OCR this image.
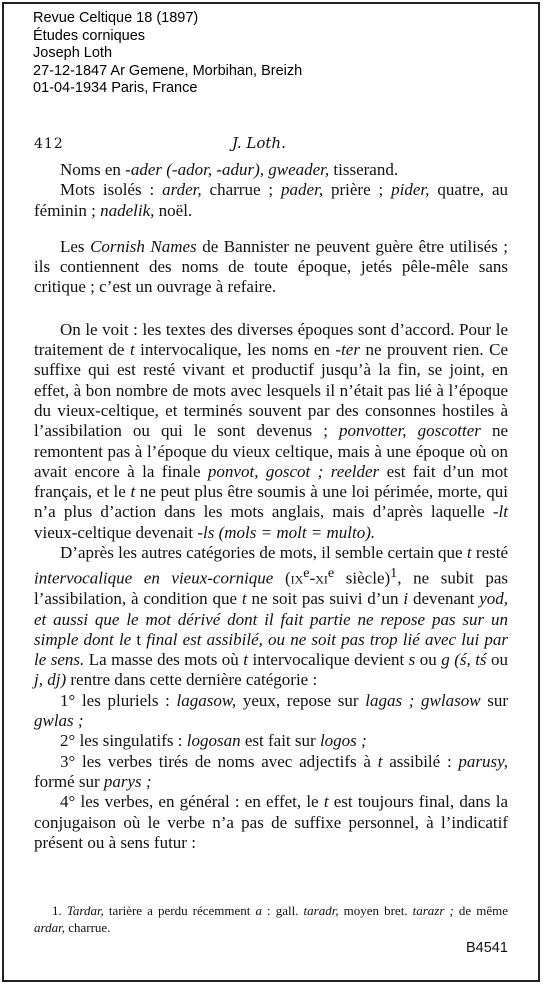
Revue Celtique 18 (1897)
Études corniques
Joseph Loth
27-12-1847 Ar Gemene, Morbihan, Breizh
01-04-1934 Paris, France
412	J. Loth.

Noms en -ader (-ador, -adur), gweader, tisserand.

Mots isolés : arder, charrue ; pader, prière ; pider, quatre, au féminin ; nadelik, noël.

Les Cornish Names de Bannister ne peuvent guère être utilisés ; ils contiennent des noms de toute époque, jetés pêle-mêle sans critique ; c’est un ouvrage à refaire.

On le voit : les textes des diverses époques sont d’accord. Pour le traitement de t intervocalique, les noms en -ter ne prouvent rien. Ce suffixe qui est resté vivant et productif jusqu’à la fin, se joint, en effet, à bon nombre de mots avec lesquels il n’était pas lié à l’époque du vieux-celtique, et terminés souvent par des consonnes hostiles à l’assibilation ou qui le sont devenus ; ponvotter, goscotter ne remontent pas à l’époque du vieux celtique, mais à une époque où on avait encore à la finale ponvot, goscot ; reelder est fait d’un mot français, et le t ne peut plus être soumis à une loi périmée, morte, qui n’a plus d’action dans les mots anglais, mais d’après laquelle -lt vieux-celtique devenait -ls (mols = molt = multo).

D’après les autres catégories de mots, il semble certain que t resté intervocalique en vieux-cornique ($ix^e-xi^e$ siècle)$^1$, ne subit pas l’assibilation, à condition que t ne soit pas suivi d’un i devenant yod, et aussi que le mot dérivé dont il fait partie ne repose pas sur un simple dont le t final est assibilé, ou ne soit pas trop lié avec lui par le sens. La masse des mots où t intervocalique devient s ou g (ś, tś ou j, dj) rentre dans cette dernière catégorie :

1° les pluriels : lagasow, yeux, repose sur lagas ; gwlasow sur gwlas ;

2° les singulatifs : logosan est fait sur logos ;

3° les verbes tirés de noms avec adjectifs à t assibilé : parusy, formé sur parys ;

4° les verbes, en général : en effet, le t est toujours final, dans la conjugaison où le verbe n’a pas de suffixe personnel, à l’indicatif présent ou à sens futur :

1. Tardar, tarière a perdu récemment a : gall. taradr, moyen bret. tarazr ; de même ardar, charrue.

B4541
